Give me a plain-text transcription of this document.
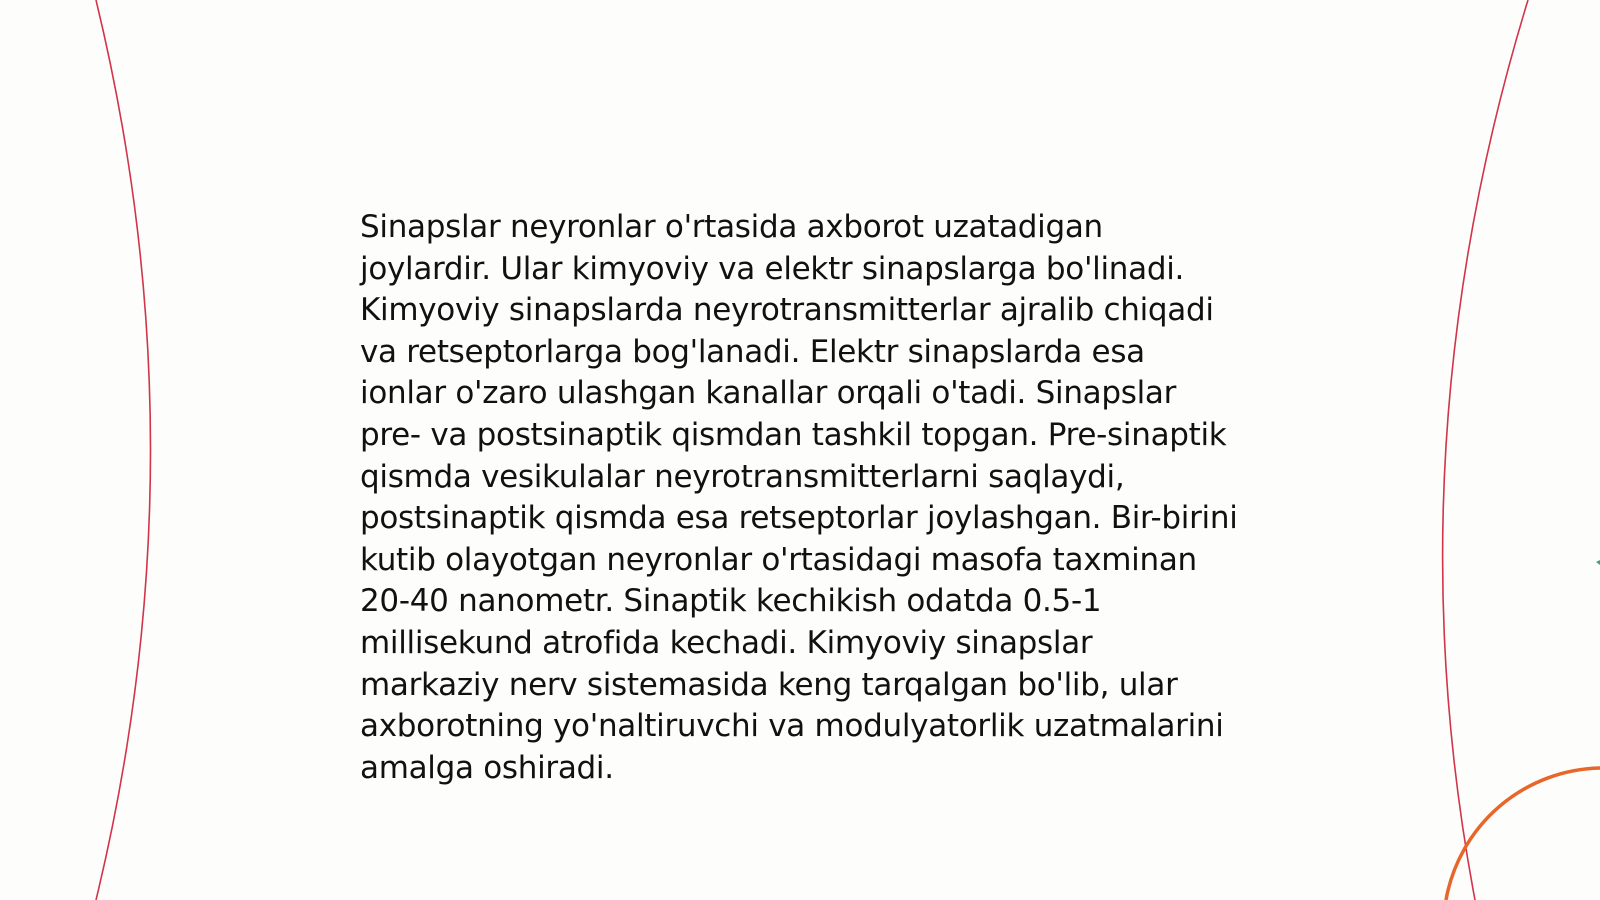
Sinapslar neyronlar o'rtasida axborot uzatadigan joylardir. Ular kimyoviy va elektr sinapslarga bo'linadi. Kimyoviy sinapslarda neyrotransmitterlar ajralib chiqadi va retseptorlarga bog'lanadi. Elektr sinapslarda esa ionlar o'zaro ulashgan kanallar orqali o'tadi. Sinapslar pre- va postsinaptik qismdan tashkil topgan. Pre-sinaptik qismda vesikulalar neyrotransmitterlarni saqlaydi, postsinaptik qismda esa retseptorlar joylashgan. Bir-birini kutib olayotgan neyronlar o'rtasidagi masofa taxminan 20-40 nanometr. Sinaptik kechikish odatda 0.5-1 millisekund atrofida kechadi. Kimyoviy sinapslar markaziy nerv sistemasida keng tarqalgan bo'lib, ular axborotning yo'naltiruvchi va modulyatorlik uzatmalarini amalga oshiradi.
